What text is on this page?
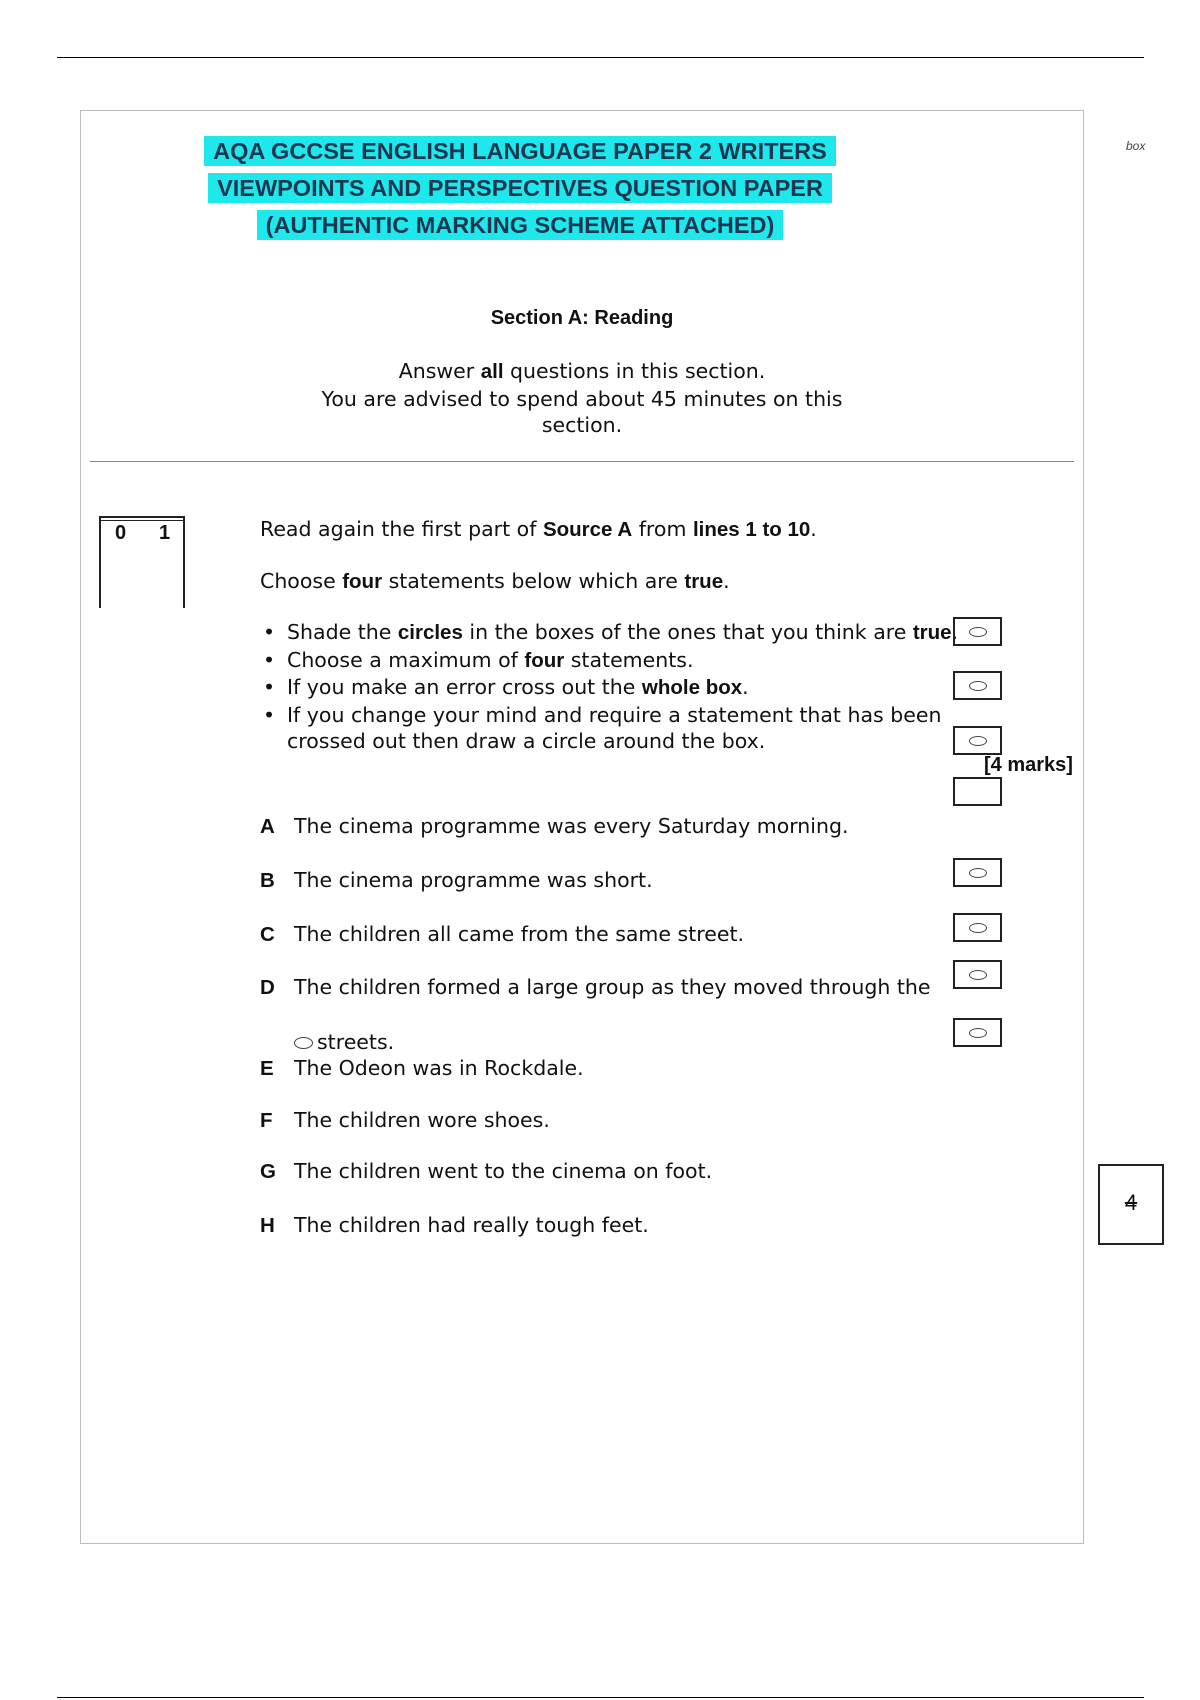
box
AQA GCCSE ENGLISH LANGUAGE PAPER 2 WRITERS
VIEWPOINTS AND PERSPECTIVES QUESTION PAPER
(AUTHENTIC MARKING SCHEME ATTACHED)
Section A: Reading
Answer all questions in this section.
You are advised to spend about 45 minutes on this
section.
0 1	Read again the first part of Source A from lines 1 to 10.
Choose four statements below which are true.
• Shade the circles in the boxes of the ones that you think are true.
• Choose a maximum of four statements.
• If you make an error cross out the whole box.
• If you change your mind and require a statement that has been
crossed out then draw a circle around the box.
[4 marks]
A The cinema programme was every Saturday morning.
B The cinema programme was short.
C The children all came from the same street.
D The children formed a large group as they moved through the
streets.
E The Odeon was in Rockdale.
F The children wore shoes.
G The children went to the cinema on foot.
H The children had really tough feet.
4
